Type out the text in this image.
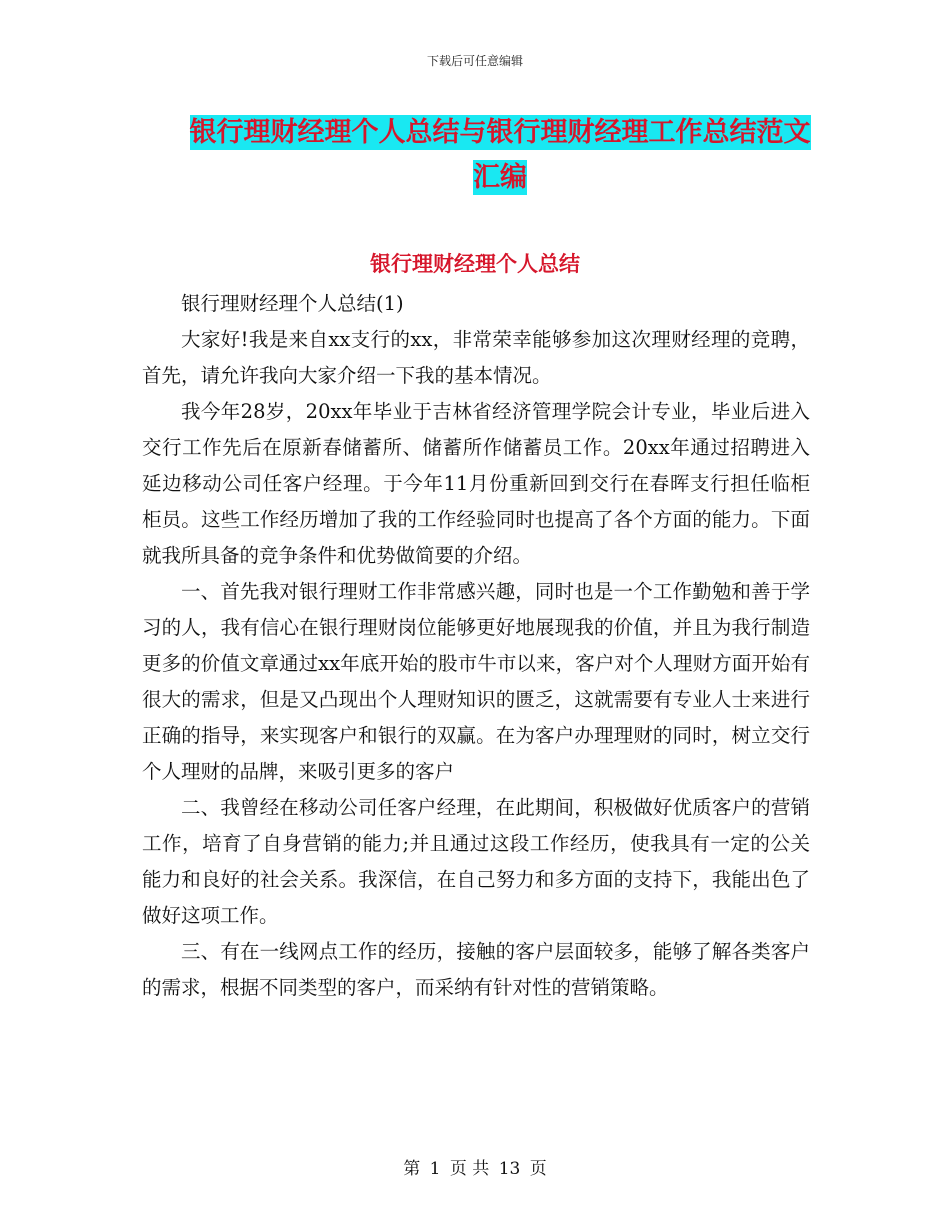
下载后可任意编辑
银行理财经理个人总结与银行理财经理工作总结范文
汇编
银行理财经理个人总结

银行理财经理个人总结(1)

大家好!我是来自xx支行的xx，非常荣幸能够参加这次理财经理的竞聘，首先，请允许我向大家介绍一下我的基本情况。

我今年28岁，20xx年毕业于吉林省经济管理学院会计专业，毕业后进入交行工作先后在原新春储蓄所、储蓄所作储蓄员工作。20xx年通过招聘进入延边移动公司任客户经理。于今年11月份重新回到交行在春晖支行担任临柜柜员。这些工作经历增加了我的工作经验同时也提高了各个方面的能力。下面就我所具备的竞争条件和优势做简要的介绍。

一、首先我对银行理财工作非常感兴趣，同时也是一个工作勤勉和善于学习的人，我有信心在银行理财岗位能够更好地展现我的价值，并且为我行制造更多的价值文章通过xx年底开始的股市牛市以来，客户对个人理财方面开始有很大的需求，但是又凸现出个人理财知识的匮乏，这就需要有专业人士来进行正确的指导，来实现客户和银行的双赢。在为客户办理理财的同时，树立交行个人理财的品牌，来吸引更多的客户

二、我曾经在移动公司任客户经理，在此期间，积极做好优质客户的营销工作，培育了自身营销的能力;并且通过这段工作经历，使我具有一定的公关能力和良好的社会关系。我深信，在自己努力和多方面的支持下，我能出色了做好这项工作。

三、有在一线网点工作的经历，接触的客户层面较多，能够了解各类客户的需求，根据不同类型的客户，而采纳有针对性的营销策略。

第 1 页 共 13 页
